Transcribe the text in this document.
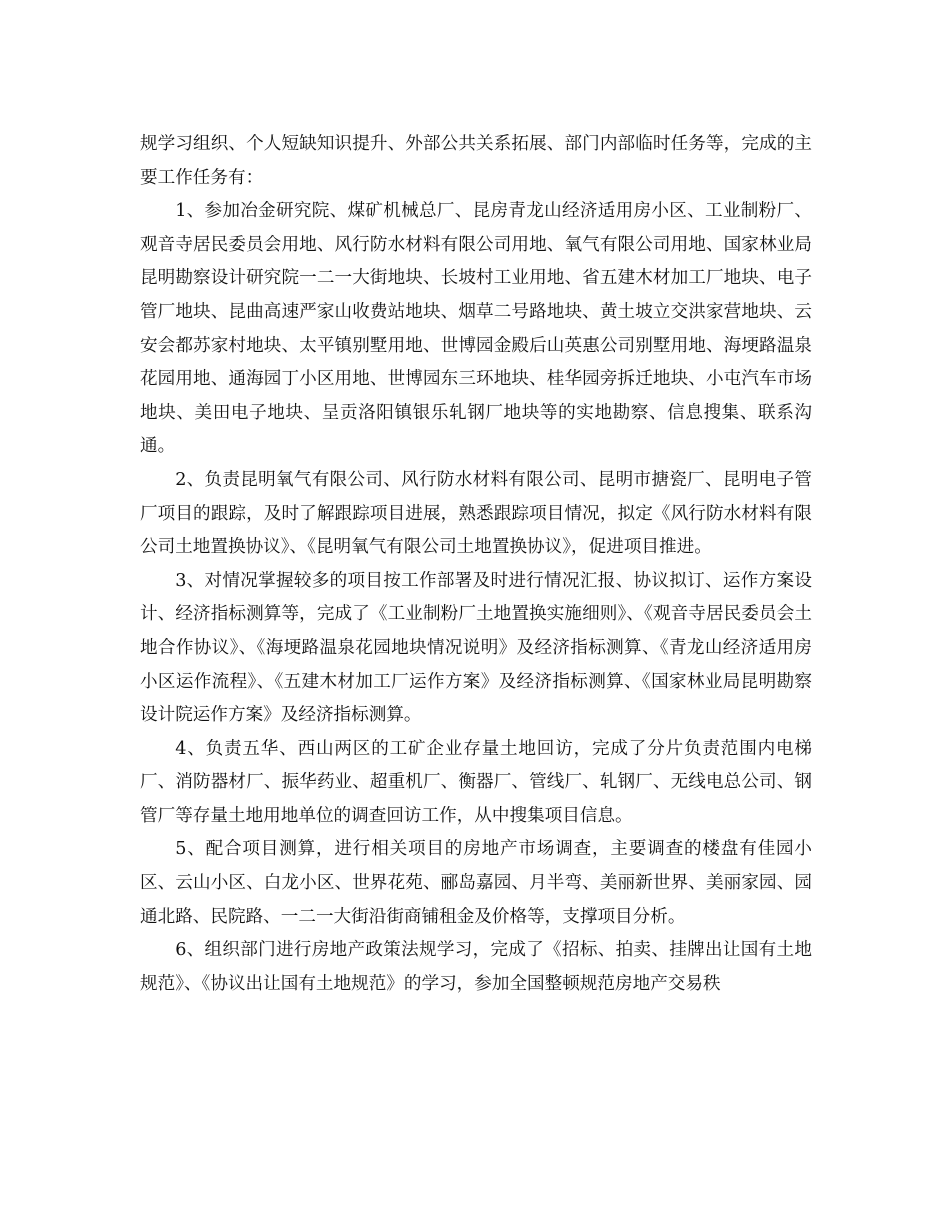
规学习组织、个人短缺知识提升、外部公共关系拓展、部门内部临时任务等，完成的主要工作任务有：

1、参加冶金研究院、煤矿机械总厂、昆房青龙山经济适用房小区、工业制粉厂、观音寺居民委员会用地、风行防水材料有限公司用地、氧气有限公司用地、国家林业局昆明勘察设计研究院一二一大街地块、长坡村工业用地、省五建木材加工厂地块、电子管厂地块、昆曲高速严家山收费站地块、烟草二号路地块、黄土坡立交洪家营地块、云安会都苏家村地块、太平镇别墅用地、世博园金殿后山英惠公司别墅用地、海埂路温泉花园用地、通海园丁小区用地、世博园东三环地块、桂华园旁拆迁地块、小屯汽车市场地块、美田电子地块、呈贡洛阳镇银乐轧钢厂地块等的实地勘察、信息搜集、联系沟通。

2、负责昆明氧气有限公司、风行防水材料有限公司、昆明市搪瓷厂、昆明电子管厂项目的跟踪，及时了解跟踪项目进展，熟悉跟踪项目情况，拟定《风行防水材料有限公司土地置换协议》、《昆明氧气有限公司土地置换协议》，促进项目推进。

3、对情况掌握较多的项目按工作部署及时进行情况汇报、协议拟订、运作方案设计、经济指标测算等，完成了《工业制粉厂土地置换实施细则》、《观音寺居民委员会土地合作协议》、《海埂路温泉花园地块情况说明》及经济指标测算、《青龙山经济适用房小区运作流程》、《五建木材加工厂运作方案》及经济指标测算、《国家林业局昆明勘察设计院运作方案》及经济指标测算。

4、负责五华、西山两区的工矿企业存量土地回访，完成了分片负责范围内电梯厂、消防器材厂、振华药业、超重机厂、衡器厂、管线厂、轧钢厂、无线电总公司、钢管厂等存量土地用地单位的调查回访工作，从中搜集项目信息。

5、配合项目测算，进行相关项目的房地产市场调查，主要调查的楼盘有佳园小区、云山小区、白龙小区、世界花苑、郦岛嘉园、月半弯、美丽新世界、美丽家园、园通北路、民院路、一二一大街沿街商铺租金及价格等，支撑项目分析。

6、组织部门进行房地产政策法规学习，完成了《招标、拍卖、挂牌出让国有土地规范》、《协议出让国有土地规范》的学习，参加全国整顿规范房地产交易秩
